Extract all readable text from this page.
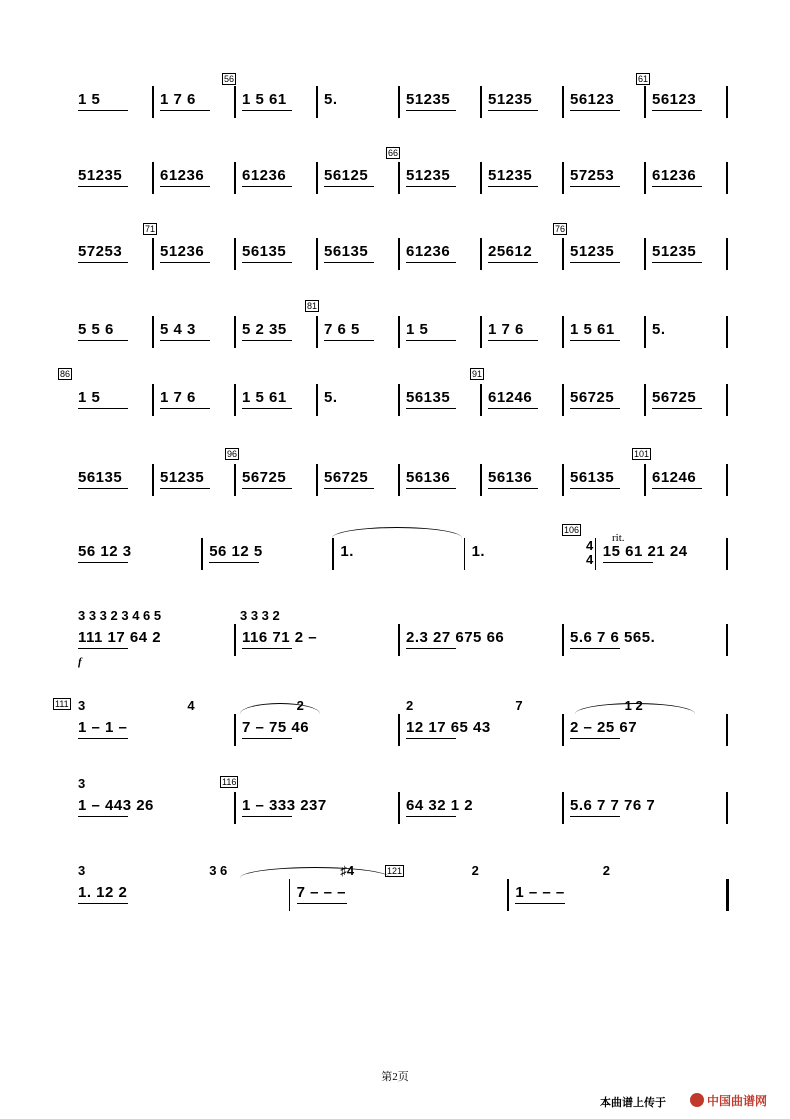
56	61
66
71	76
81
86	91
96	101
106
111
116
121
1 5	1 7 6	1 5 61 5.	51235	51235	56123	56123
51235	61236	61236	56125	51235	51235	57253	61236
57253	51236	56135	56135	61236	25612	51235	51235
5 5 6	5 4 3	5 2 35 7 6 5	1 5	1 7 6	1 5 61 5.
1 5	1 7 6	1 5 61 5.	56135	61246	56725	56725
56135	51235	56725	56725	56136	56136	56135	61246
56 12 3	56 12 5	1.	1.	15 61 21 24
rit.
4
4
111 17 64 2	116 71 2 –	2.3 27 675 66	5.6 7 6 565.
f
3 3 3 2 3 4 6 5	3 3 3 2
1 – 1 –	7 – 75 46	12 17 65 43	2 – 25 67
3	4	2	2	7	1 2
1 – 443 26	1 – 333 237	64 32 1 2	5.6 7 7 76 7
3
1. 12 2	7 – – –	1 – – –
3	3 6	♯4	2	2
第2页
本曲谱上传于	中国曲谱网
